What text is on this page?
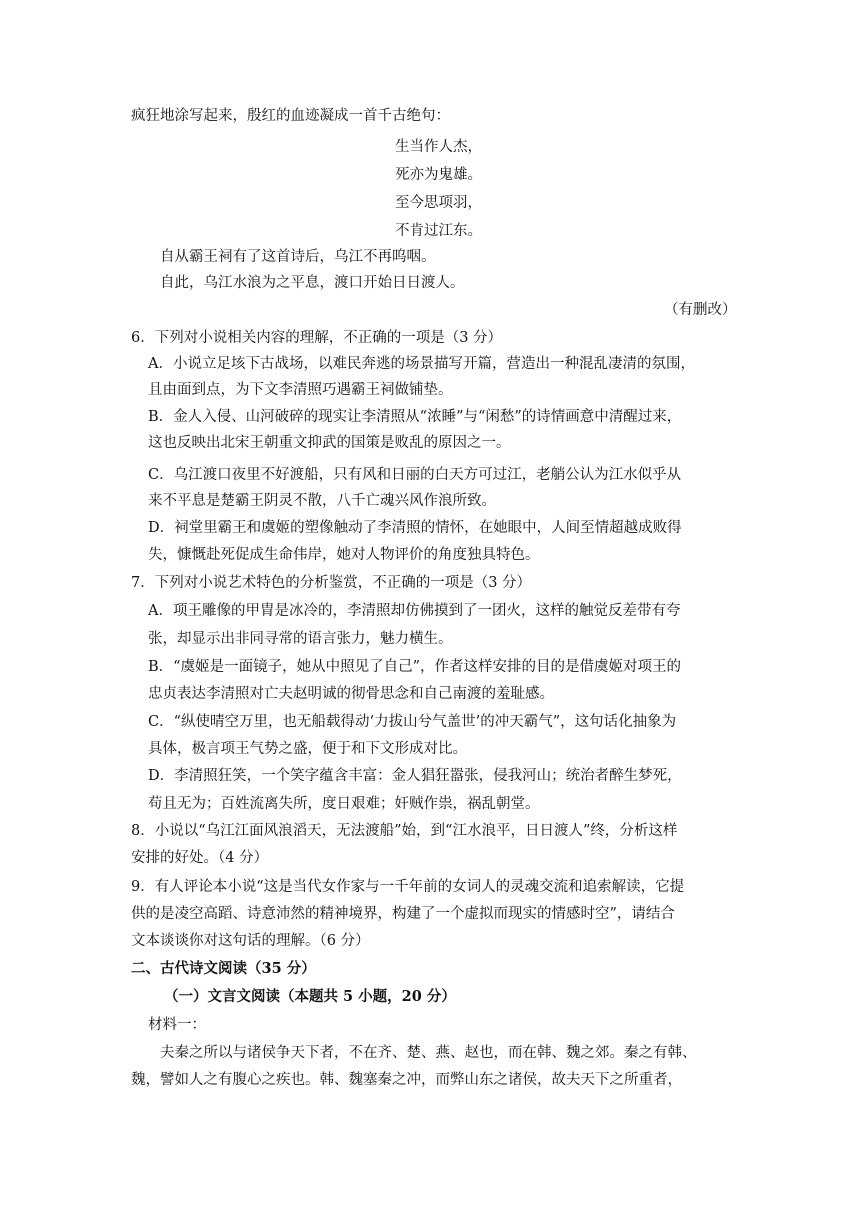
疯狂地涂写起来，殷红的血迹凝成一首千古绝句：
生当作人杰，
死亦为鬼雄。
至今思项羽，
不肯过江东。
自从霸王祠有了这首诗后，乌江不再呜咽。
自此，乌江水浪为之平息，渡口开始日日渡人。
（有删改）
6．下列对小说相关内容的理解，不正确的一项是（3 分）
A．小说立足垓下古战场，以难民奔逃的场景描写开篇，营造出一种混乱凄清的氛围，
且由面到点，为下文李清照巧遇霸王祠做铺垫。
B．金人入侵、山河破碎的现实让李清照从“浓睡”与“闲愁”的诗情画意中清醒过来，
这也反映出北宋王朝重文抑武的国策是败乱的原因之一。
C．乌江渡口夜里不好渡船，只有风和日丽的白天方可过江，老艄公认为江水似乎从
来不平息是楚霸王阴灵不散，八千亡魂兴风作浪所致。
D．祠堂里霸王和虞姬的塑像触动了李清照的情怀，在她眼中，人间至情超越成败得
失，慷慨赴死促成生命伟岸，她对人物评价的角度独具特色。
7．下列对小说艺术特色的分析鉴赏，不正确的一项是（3 分）
A．项王雕像的甲胄是冰冷的，李清照却仿佛摸到了一团火，这样的触觉反差带有夸
张，却显示出非同寻常的语言张力，魅力横生。
B．“虞姬是一面镜子，她从中照见了自己”，作者这样安排的目的是借虞姬对项王的
忠贞表达李清照对亡夫赵明诚的彻骨思念和自己南渡的羞耻感。
C．“纵使晴空万里，也无船载得动‘力拔山兮气盖世’的冲天霸气”，这句话化抽象为
具体，极言项王气势之盛，便于和下文形成对比。
D．李清照狂笑，一个笑字蕴含丰富：金人猖狂嚣张，侵我河山；统治者醉生梦死，
苟且无为；百姓流离失所，度日艰难；奸贼作祟，祸乱朝堂。
8．小说以“乌江江面风浪滔天，无法渡船”始，到“江水浪平，日日渡人”终，分析这样
安排的好处。（4 分）
9．有人评论本小说“这是当代女作家与一千年前的女词人的灵魂交流和追索解读，它提
供的是凌空高蹈、诗意沛然的精神境界，构建了一个虚拟而现实的情感时空”，请结合
文本谈谈你对这句话的理解。（6 分）
二、古代诗文阅读（35 分）
（一）文言文阅读（本题共 5 小题，20 分）
材料一：
夫秦之所以与诸侯争天下者，不在齐、楚、燕、赵也，而在韩、魏之郊。秦之有韩、
魏，譬如人之有腹心之疾也。韩、魏塞秦之冲，而弊山东之诸侯，故夫天下之所重者，
